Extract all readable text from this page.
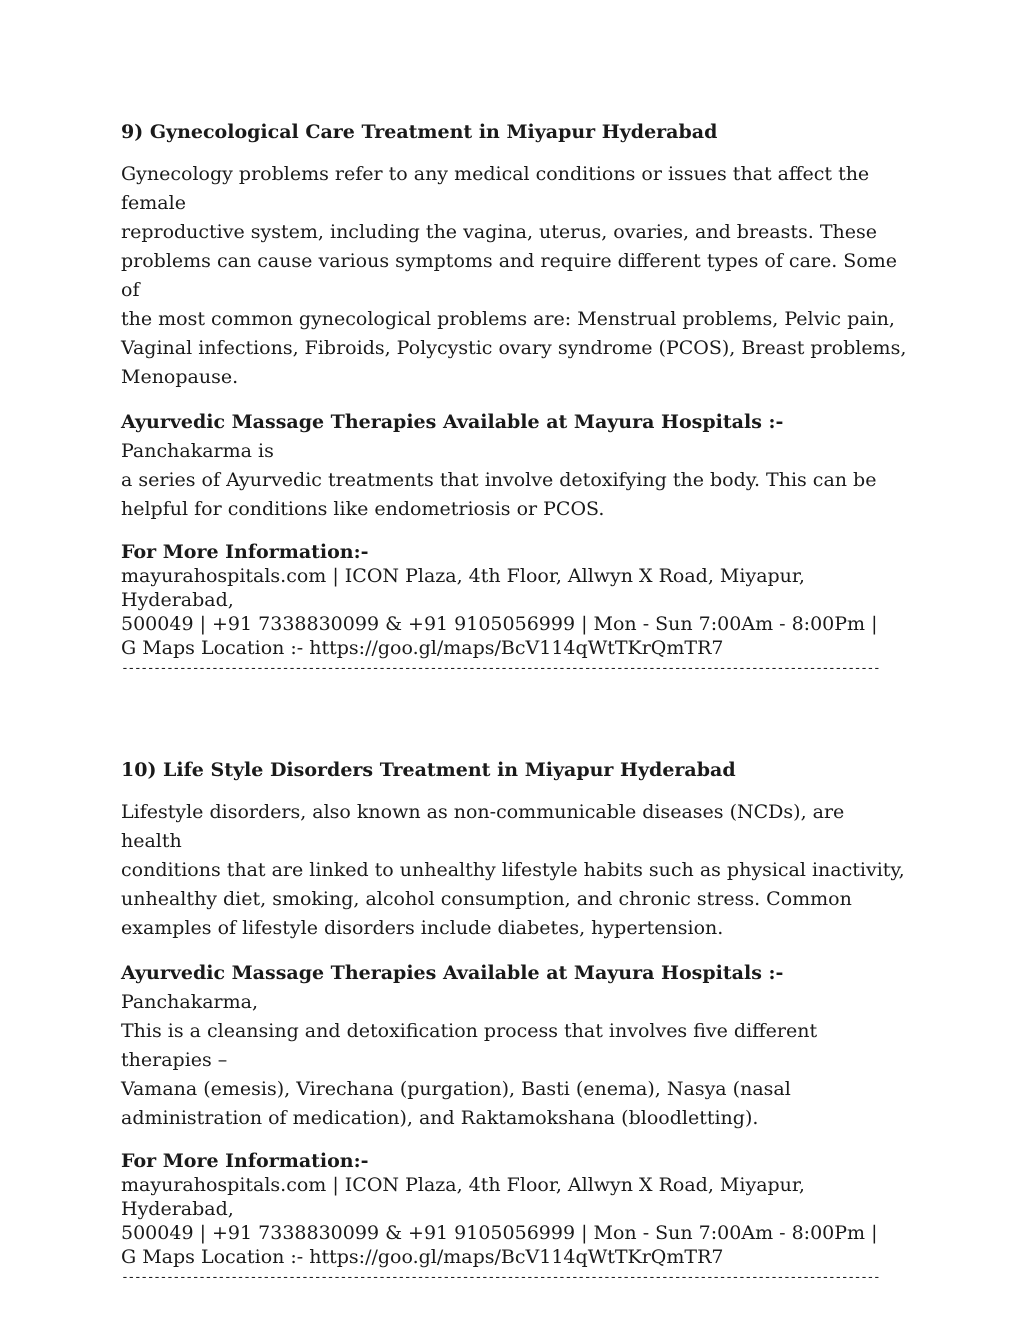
9) Gynecological Care Treatment in Miyapur Hyderabad

Gynecology problems refer to any medical conditions or issues that affect the female
reproductive system, including the vagina, uterus, ovaries, and breasts. These
problems can cause various symptoms and require different types of care. Some of
the most common gynecological problems are: Menstrual problems, Pelvic pain,
Vaginal infections, Fibroids, Polycystic ovary syndrome (PCOS), Breast problems,
Menopause.

Ayurvedic Massage Therapies Available at Mayura Hospitals :- Panchakarma is
a series of Ayurvedic treatments that involve detoxifying the body. This can be
helpful for conditions like endometriosis or PCOS.

For More Information:-
mayurahospitals.com | ICON Plaza, 4th Floor, Allwyn X Road, Miyapur, Hyderabad,
500049 | +91 7338830099 & +91 9105056999 | Mon - Sun 7:00Am - 8:00Pm |
G Maps Location :- https://goo.gl/maps/BcV114qWtTKrQmTR7
----------------------------------------------------------------------------------------------------------------------
10) Life Style Disorders Treatment in Miyapur Hyderabad

Lifestyle disorders, also known as non-communicable diseases (NCDs), are health
conditions that are linked to unhealthy lifestyle habits such as physical inactivity,
unhealthy diet, smoking, alcohol consumption, and chronic stress. Common
examples of lifestyle disorders include diabetes, hypertension.

Ayurvedic Massage Therapies Available at Mayura Hospitals :- Panchakarma,
This is a cleansing and detoxification process that involves five different therapies –
Vamana (emesis), Virechana (purgation), Basti (enema), Nasya (nasal
administration of medication), and Raktamokshana (bloodletting).

For More Information:-
mayurahospitals.com | ICON Plaza, 4th Floor, Allwyn X Road, Miyapur, Hyderabad,
500049 | +91 7338830099 & +91 9105056999 | Mon - Sun 7:00Am - 8:00Pm |
G Maps Location :- https://goo.gl/maps/BcV114qWtTKrQmTR7
----------------------------------------------------------------------------------------------------------------------
